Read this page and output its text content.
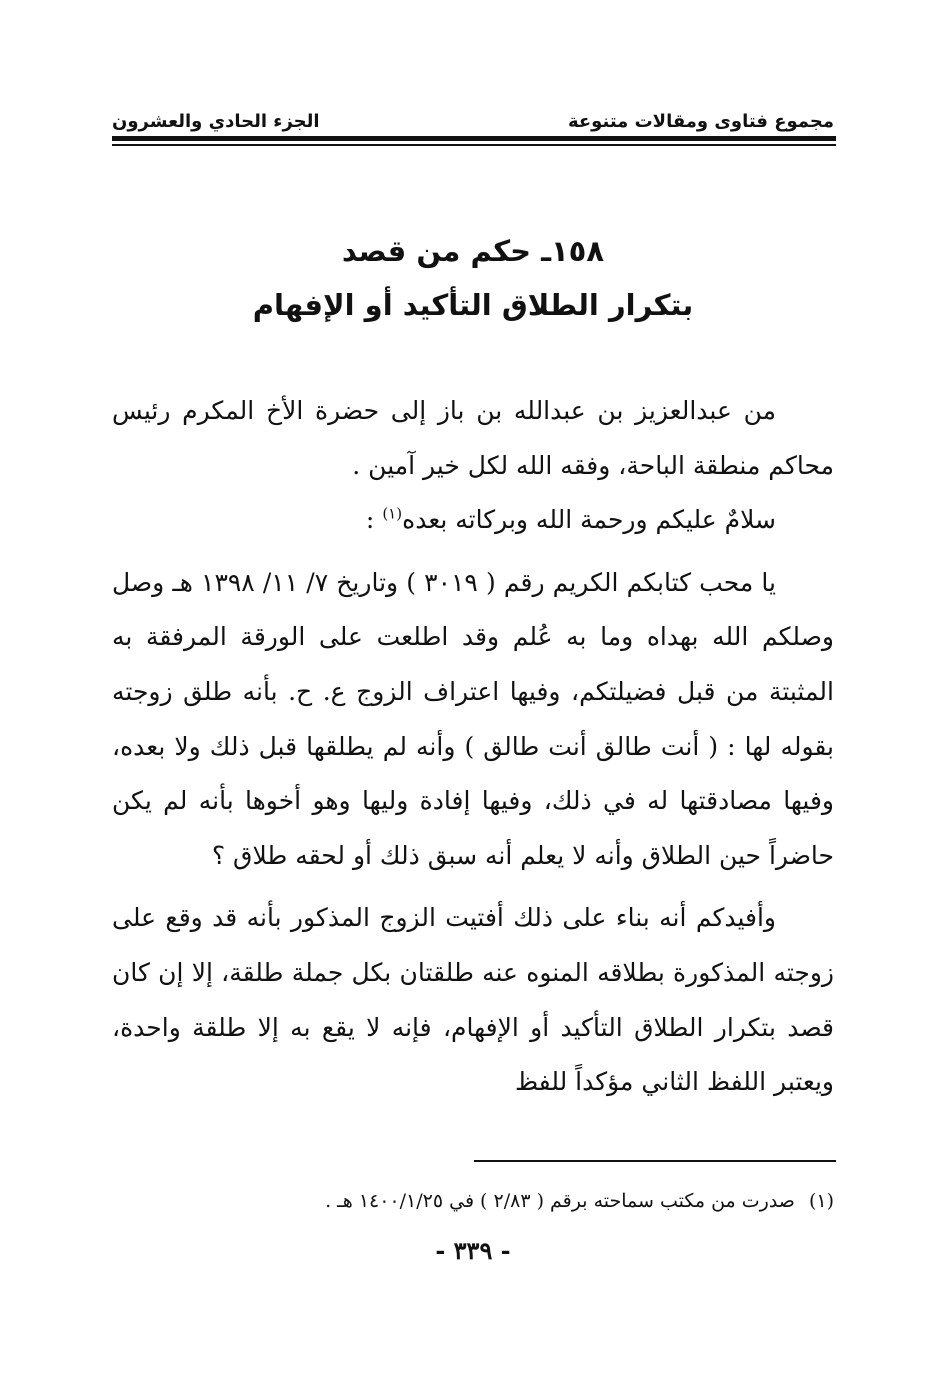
مجموع فتاوى ومقالات متنوعة
الجزء الحادي والعشرون
١٥٨ـ حكم من قصد
بتكرار الطلاق التأكيد أو الإفهام

من عبدالعزيز بن عبدالله بن باز إلى حضرة الأخ المكرم رئيس محاكم منطقة الباحة، وفقه الله لكل خير آمين .

سلامٌ عليكم ورحمة الله وبركاته بعده$^{(١)}$ :

يا محب كتابكم الكريم رقم ( ٣٠١٩ ) وتاريخ ٧/ ١١/ ١٣٩٨ هـ وصل وصلكم الله بهداه وما به عُلم وقد اطلعت على الورقة المرفقة به المثبتة من قبل فضيلتكم، وفيها اعتراف الزوج ع. ح. بأنه طلق زوجته بقوله لها : ( أنت طالق أنت طالق ) وأنه لم يطلقها قبل ذلك ولا بعده، وفيها مصادقتها له في ذلك، وفيها إفادة وليها وهو أخوها بأنه لم يكن حاضراً حين الطلاق وأنه لا يعلم أنه سبق ذلك أو لحقه طلاق ؟

وأفيدكم أنه بناء على ذلك أفتيت الزوج المذكور بأنه قد وقع على زوجته المذكورة بطلاقه المنوه عنه طلقتان بكل جملة طلقة، إلا إن كان قصد بتكرار الطلاق التأكيد أو الإفهام، فإنه لا يقع به إلا طلقة واحدة، ويعتبر اللفظ الثاني مؤكداً للفظ

(١)صدرت من مكتب سماحته برقم ( ٢/٨٣ ) في ١٤٠٠/١/٢٥ هـ .
- ٣٣٩ -
